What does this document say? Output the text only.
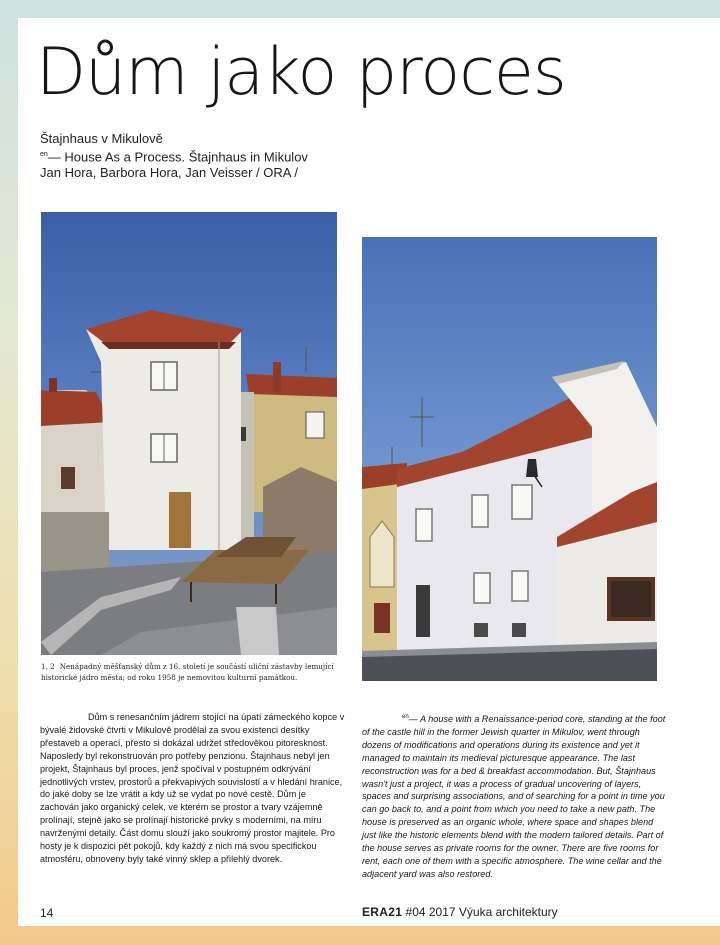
Dům jako proces
Štajnhaus v Mikulově
$^{en}$— House As a Process. Štajnhaus in Mikulov
Jan Hora, Barbora Hora, Jan Veisser / ORA /
1, 2 Nenápadný měšťanský dům z 16. století je součástí uliční zástavby lemující historické jádro města; od roku 1958 je nemovitou kulturní památkou.
Dům s renesančním jádrem stojící na úpatí zámeckého kopce v bývalé židovské čtvrti v Mikulově prodělal za svou existenci desítky přestaveb a operací, přesto si dokázal udržet středověkou pitoresknost. Naposledy byl rekonstruován pro potřeby penzionu. Štajnhaus nebyl jen projekt, Štajnhaus byl proces, jenž spočíval v postupném odkrývání jednotlivých vrstev, prostorů a překvapivých souvislostí a v hledání hranice, do jaké doby se lze vrátit a kdy už se vydat po nové cestě. Dům je zachován jako organický celek, ve kterém se prostor a tvary vzájemně prolínají, stejně jako se prolínají historické prvky s moderními, na míru navrženými detaily. Část domu slouží jako soukromý prostor majitele. Pro hosty je k dispozici pět pokojů, kdy každý z nich má svou specifickou atmosféru, obnoveny byly také vinný sklep a přilehlý dvorek.
$^{en}$— A house with a Renaissance-period core, standing at the foot of the castle hill in the former Jewish quarter in Mikulov, went through dozens of modifications and operations during its existence and yet it managed to maintain its medieval picturesque appearance. The last reconstruction was for a bed & breakfast accommodation. But, Štajnhaus wasn't just a project, it was a process of gradual uncovering of layers, spaces and surprising associations, and of searching for a point in time you can go back to, and a point from which you need to take a new path. The house is preserved as an organic whole, where space and shapes blend just like the historic elements blend with the modern tailored details. Part of the house serves as private rooms for the owner. There are five rooms for rent, each one of them with a specific atmosphere. The wine cellar and the adjacent yard was also restored.
14	ERA21 #04 2017 Výuka architektury
